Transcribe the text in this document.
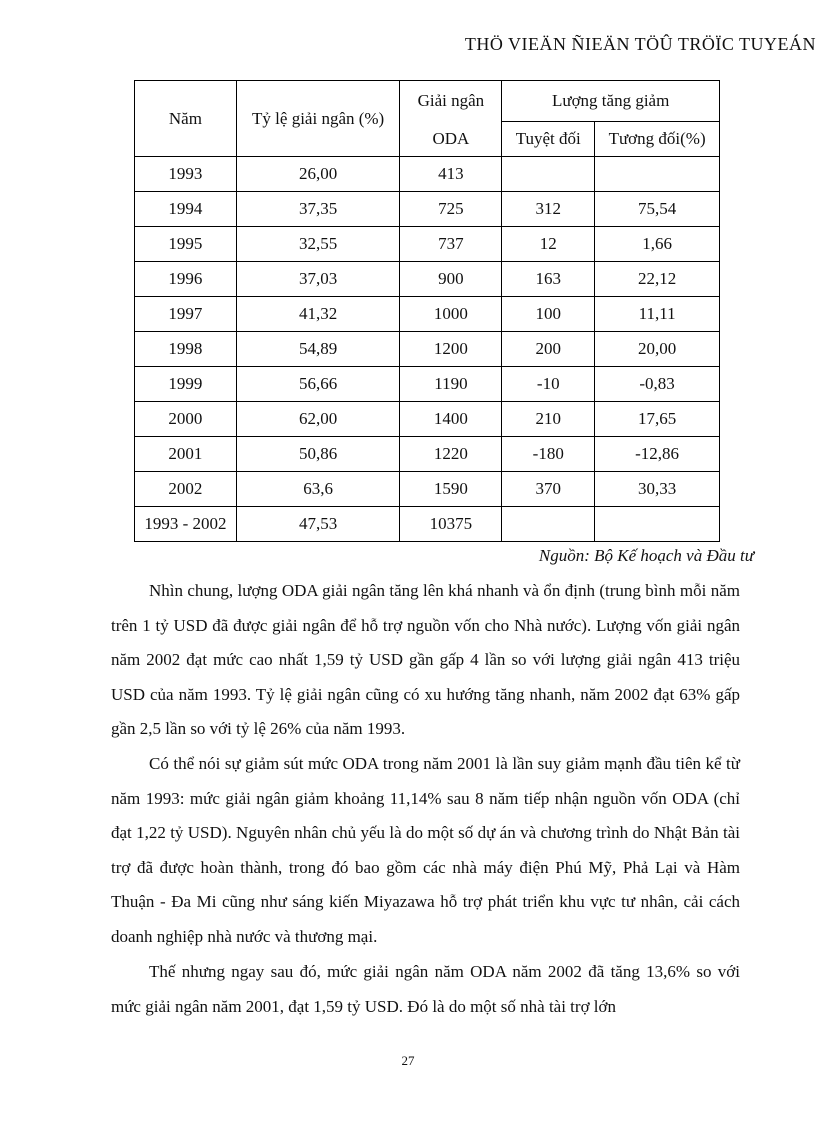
THÖ VIEÄN ÑIEÄN TÖÛ TRÖÏC TUYEÁN
Năm	Tỷ lệ giải ngân (%)	Giải ngân	Lượng tăng giảm	
		ODA	Tuyệt đối	Tương đối(%)
1993	26,00	413		
1994	37,35	725	312	75,54
1995	32,55	737	12	1,66
1996	37,03	900	163	22,12
1997	41,32	1000	100	11,11
1998	54,89	1200	200	20,00
1999	56,66	1190	-10	-0,83
2000	62,00	1400	210	17,65
2001	50,86	1220	-180	-12,86
2002	63,6	1590	370	30,33
1993 - 2002	47,53	10375		
Nguồn: Bộ Kế hoạch và Đầu tư

Nhìn chung, lượng ODA giải ngân tăng lên khá nhanh và ổn định (trung bình mỗi năm trên 1 tỷ USD đã được giải ngân để hỗ trợ nguồn vốn cho Nhà nước). Lượng vốn giải ngân năm 2002 đạt mức cao nhất 1,59 tỷ USD gần gấp 4 lần so với lượng giải ngân 413 triệu USD của năm 1993. Tỷ lệ giải ngân cũng có xu hướng tăng nhanh, năm 2002 đạt 63% gấp gần 2,5 lần so với tỷ lệ 26% của năm 1993.

Có thể nói sự giảm sút mức ODA trong năm 2001 là lần suy giảm mạnh đầu tiên kể từ năm 1993: mức giải ngân giảm khoảng 11,14% sau 8 năm tiếp nhận nguồn vốn ODA (chỉ đạt 1,22 tỷ USD). Nguyên nhân chủ yếu là do một số dự án và chương trình do Nhật Bản tài trợ đã được hoàn thành, trong đó bao gồm các nhà máy điện Phú Mỹ, Phả Lại và Hàm Thuận - Đa Mi cũng như sáng kiến Miyazawa hỗ trợ phát triển khu vực tư nhân, cải cách doanh nghiệp nhà nước và thương mại.

Thế nhưng ngay sau đó, mức giải ngân năm ODA năm 2002 đã tăng 13,6% so với mức giải ngân năm 2001, đạt 1,59 tỷ USD. Đó là do một số nhà tài trợ lớn

27
